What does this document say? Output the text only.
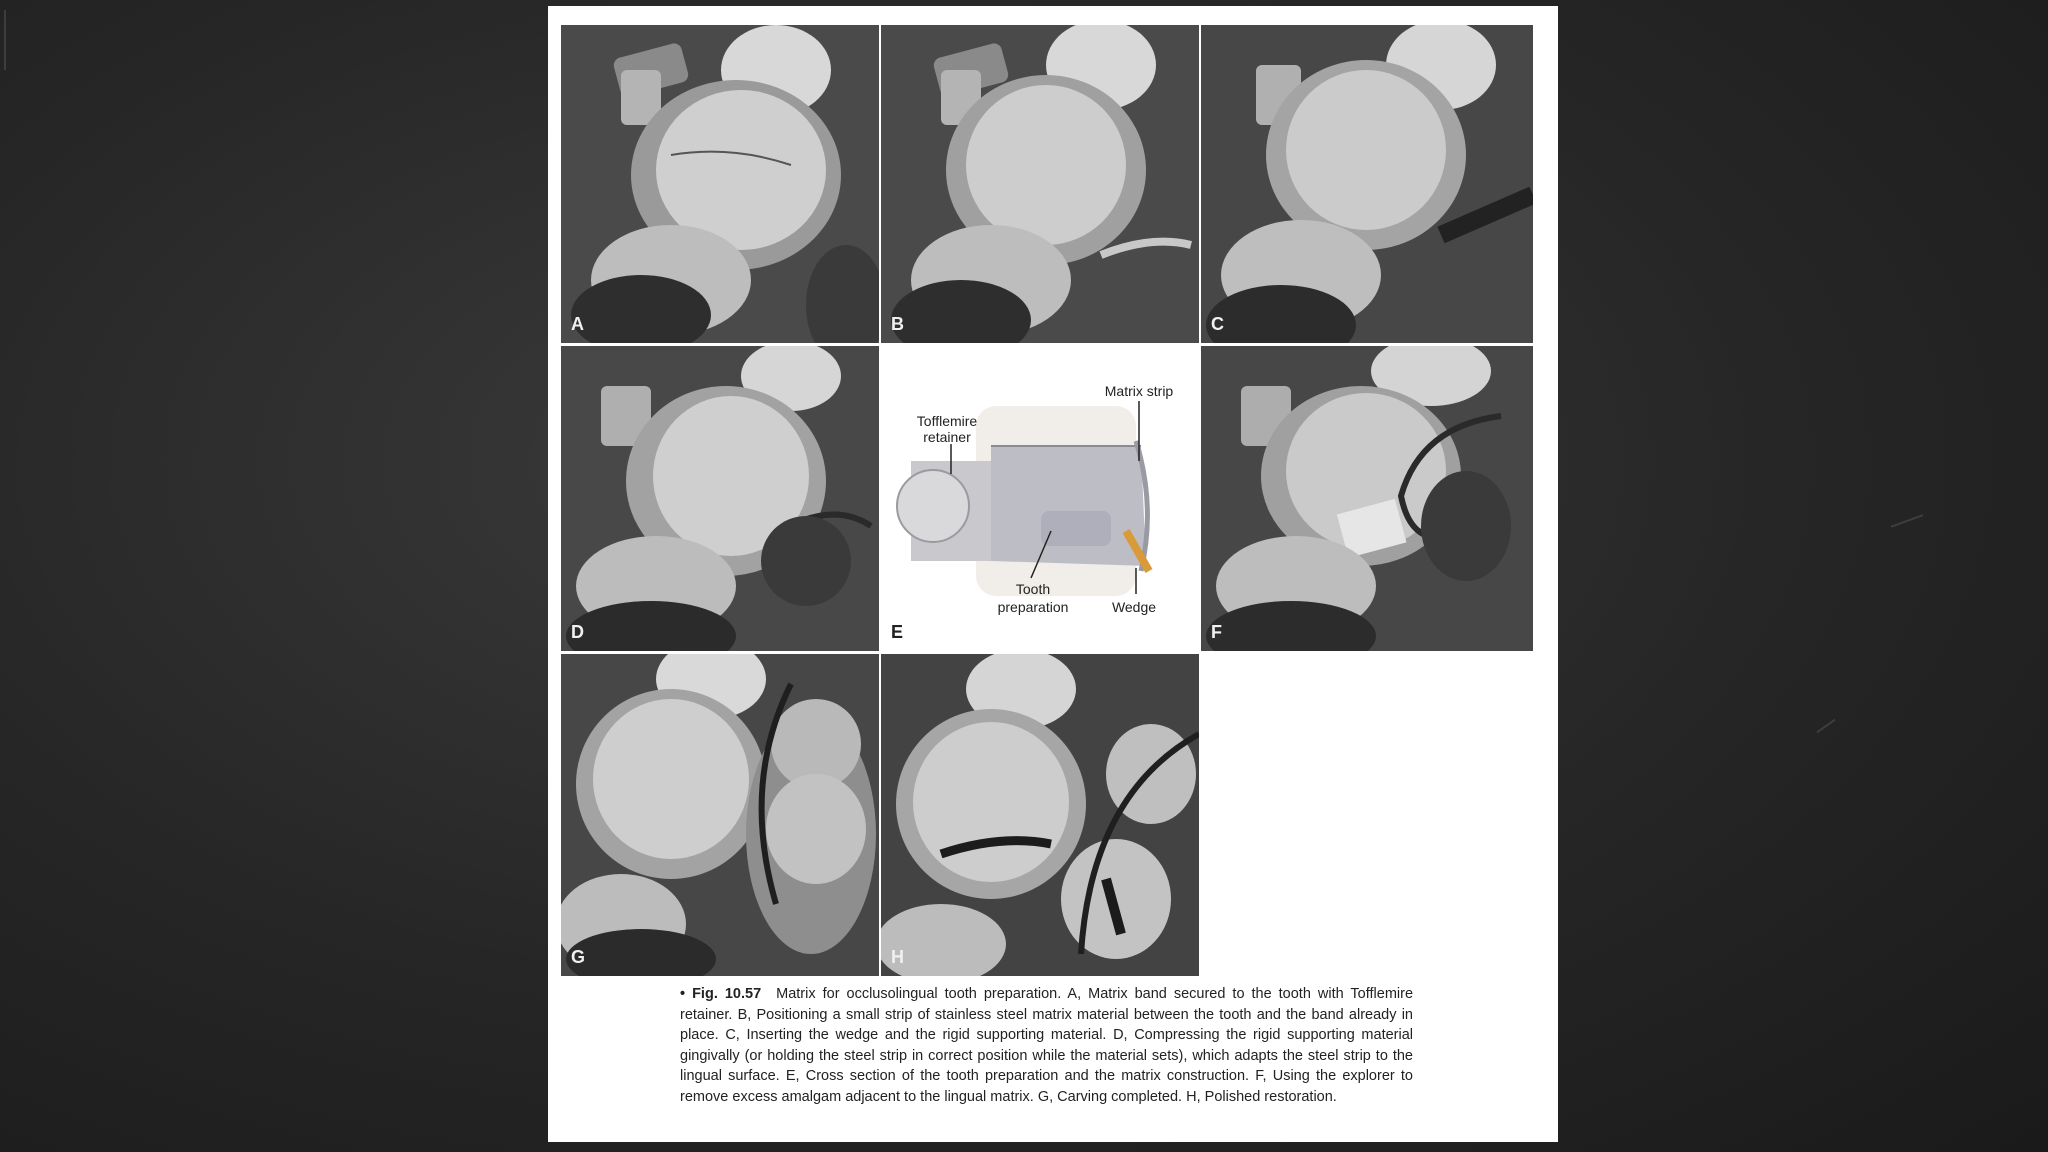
A	B	C
D
Tofflemire
retainer
Matrix strip
Tooth
preparation	Wedge
E	F
G	H
• Fig. 10.57 Matrix for occlusolingual tooth preparation. A, Matrix band secured to the tooth with Tofflemire retainer. B, Positioning a small strip of stainless steel matrix material between the tooth and the band already in place. C, Inserting the wedge and the rigid supporting material. D, Compressing the rigid supporting material gingivally (or holding the steel strip in correct position while the material sets), which adapts the steel strip to the lingual surface. E, Cross section of the tooth preparation and the matrix construction. F, Using the explorer to remove excess amalgam adjacent to the lingual matrix. G, Carving completed. H, Polished restoration.
